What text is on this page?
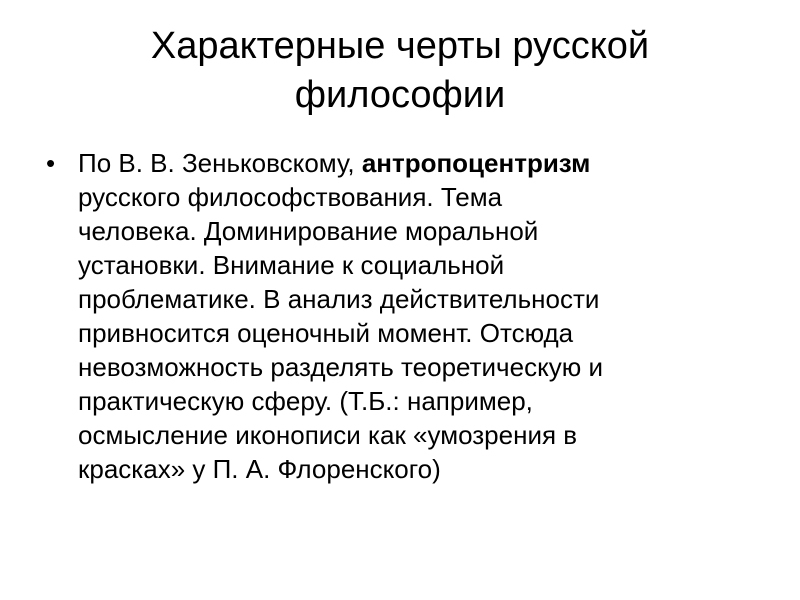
Характерные черты русской
философии
• По В. В. Зеньковскому, антропоцентризм
русского философствования. Тема
человека. Доминирование моральной
установки. Внимание к социальной
проблематике. В анализ действительности
привносится оценочный момент. Отсюда
невозможность разделять теоретическую и
практическую сферу. (Т.Б.: например,
осмысление иконописи как «умозрения в
красках» у П. А. Флоренского)
